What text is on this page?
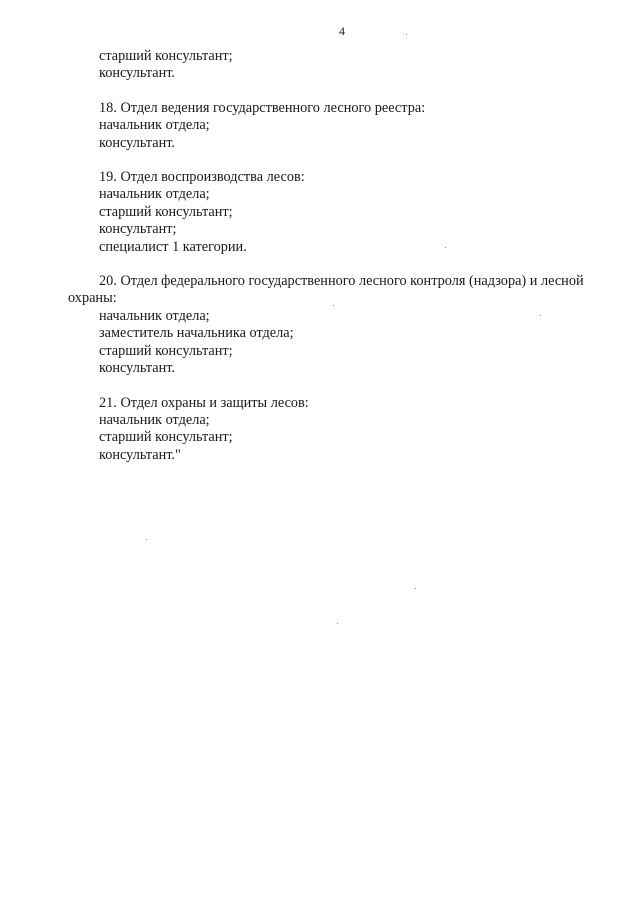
4
старший консультант;
консультант.
18. Отдел ведения государственного лесного реестра:
начальник отдела;
консультант.
19. Отдел воспроизводства лесов:
начальник отдела;
старший консультант;
консультант;
специалист 1 категории.
20. Отдел федерального государственного лесного контроля (надзора) и лесной
охраны:
начальник отдела;
заместитель начальника отдела;
старший консультант;
консультант.
21. Отдел охраны и защиты лесов:
начальник отдела;
старший консультант;
консультант."
